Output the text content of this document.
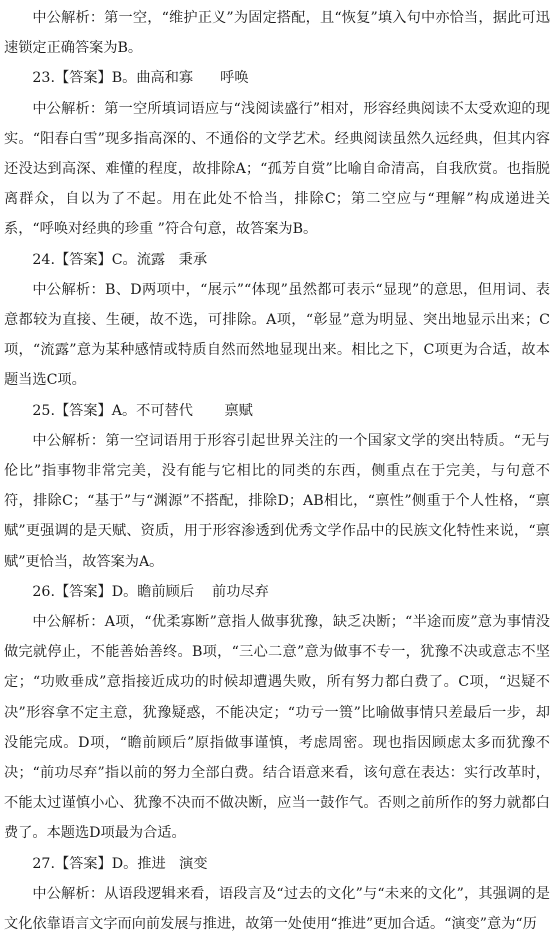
中公解析：第一空，“维护正义”为固定搭配，且“恢复”填入句中亦恰当，据此可迅速锁定正确答案为B。

23.【答案】B。曲高和寡      呼唤

中公解析：第一空所填词语应与“浅阅读盛行”相对，形容经典阅读不太受欢迎的现实。“阳春白雪”现多指高深的、不通俗的文学艺术。经典阅读虽然久远经典，但其内容还没达到高深、难懂的程度，故排除A；“孤芳自赏”比喻自命清高，自我欣赏。也指脱离群众，自以为了不起。用在此处不恰当，排除C；第二空应与“理解”构成递进关系，“呼唤对经典的珍重 ”符合句意，故答案为B。

24.【答案】C。流露   秉承

中公解析：B、D两项中，“展示”“体现”虽然都可表示“显现”的意思，但用词、表意都较为直接、生硬，故不选，可排除。A项，“彰显”意为明显、突出地显示出来；C项，“流露”意为某种感情或特质自然而然地显现出来。相比之下，C项更为合适，故本题当选C项。

25.【答案】A。不可替代       禀赋

中公解析：第一空词语用于形容引起世界关注的一个国家文学的突出特质。“无与伦比”指事物非常完美，没有能与它相比的同类的东西，侧重点在于完美，与句意不符，排除C；“基于”与“渊源”不搭配，排除D；AB相比，“禀性”侧重于个人性格，“禀赋”更强调的是天赋、资质，用于形容渗透到优秀文学作品中的民族文化特性来说，“禀赋”更恰当，故答案为A。

26.【答案】D。瞻前顾后    前功尽弃

中公解析：A项，“优柔寡断”意指人做事犹豫，缺乏决断；“半途而废”意为事情没做完就停止，不能善始善终。B项，“三心二意”意为做事不专一，犹豫不决或意志不坚定；“功败垂成”意指接近成功的时候却遭遇失败，所有努力都白费了。C项，“迟疑不决”形容拿不定主意，犹豫疑惑，不能决定；“功亏一篑”比喻做事情只差最后一步，却没能完成。D项，“瞻前顾后”原指做事谨慎，考虑周密。现也指因顾虑太多而犹豫不决；“前功尽弃”指以前的努力全部白费。结合语意来看，该句意在表达：实行改革时，不能太过谨慎小心、犹豫不决而不做决断，应当一鼓作气。否则之前所作的努力就都白费了。本题选D项最为合适。

27.【答案】D。推进   演变

中公解析：从语段逻辑来看，语段言及“过去的文化”与“未来的文化”，其强调的是文化依靠语言文字而向前发展与推进，故第一处使用“推进”更加合适。“演变”意为“历
